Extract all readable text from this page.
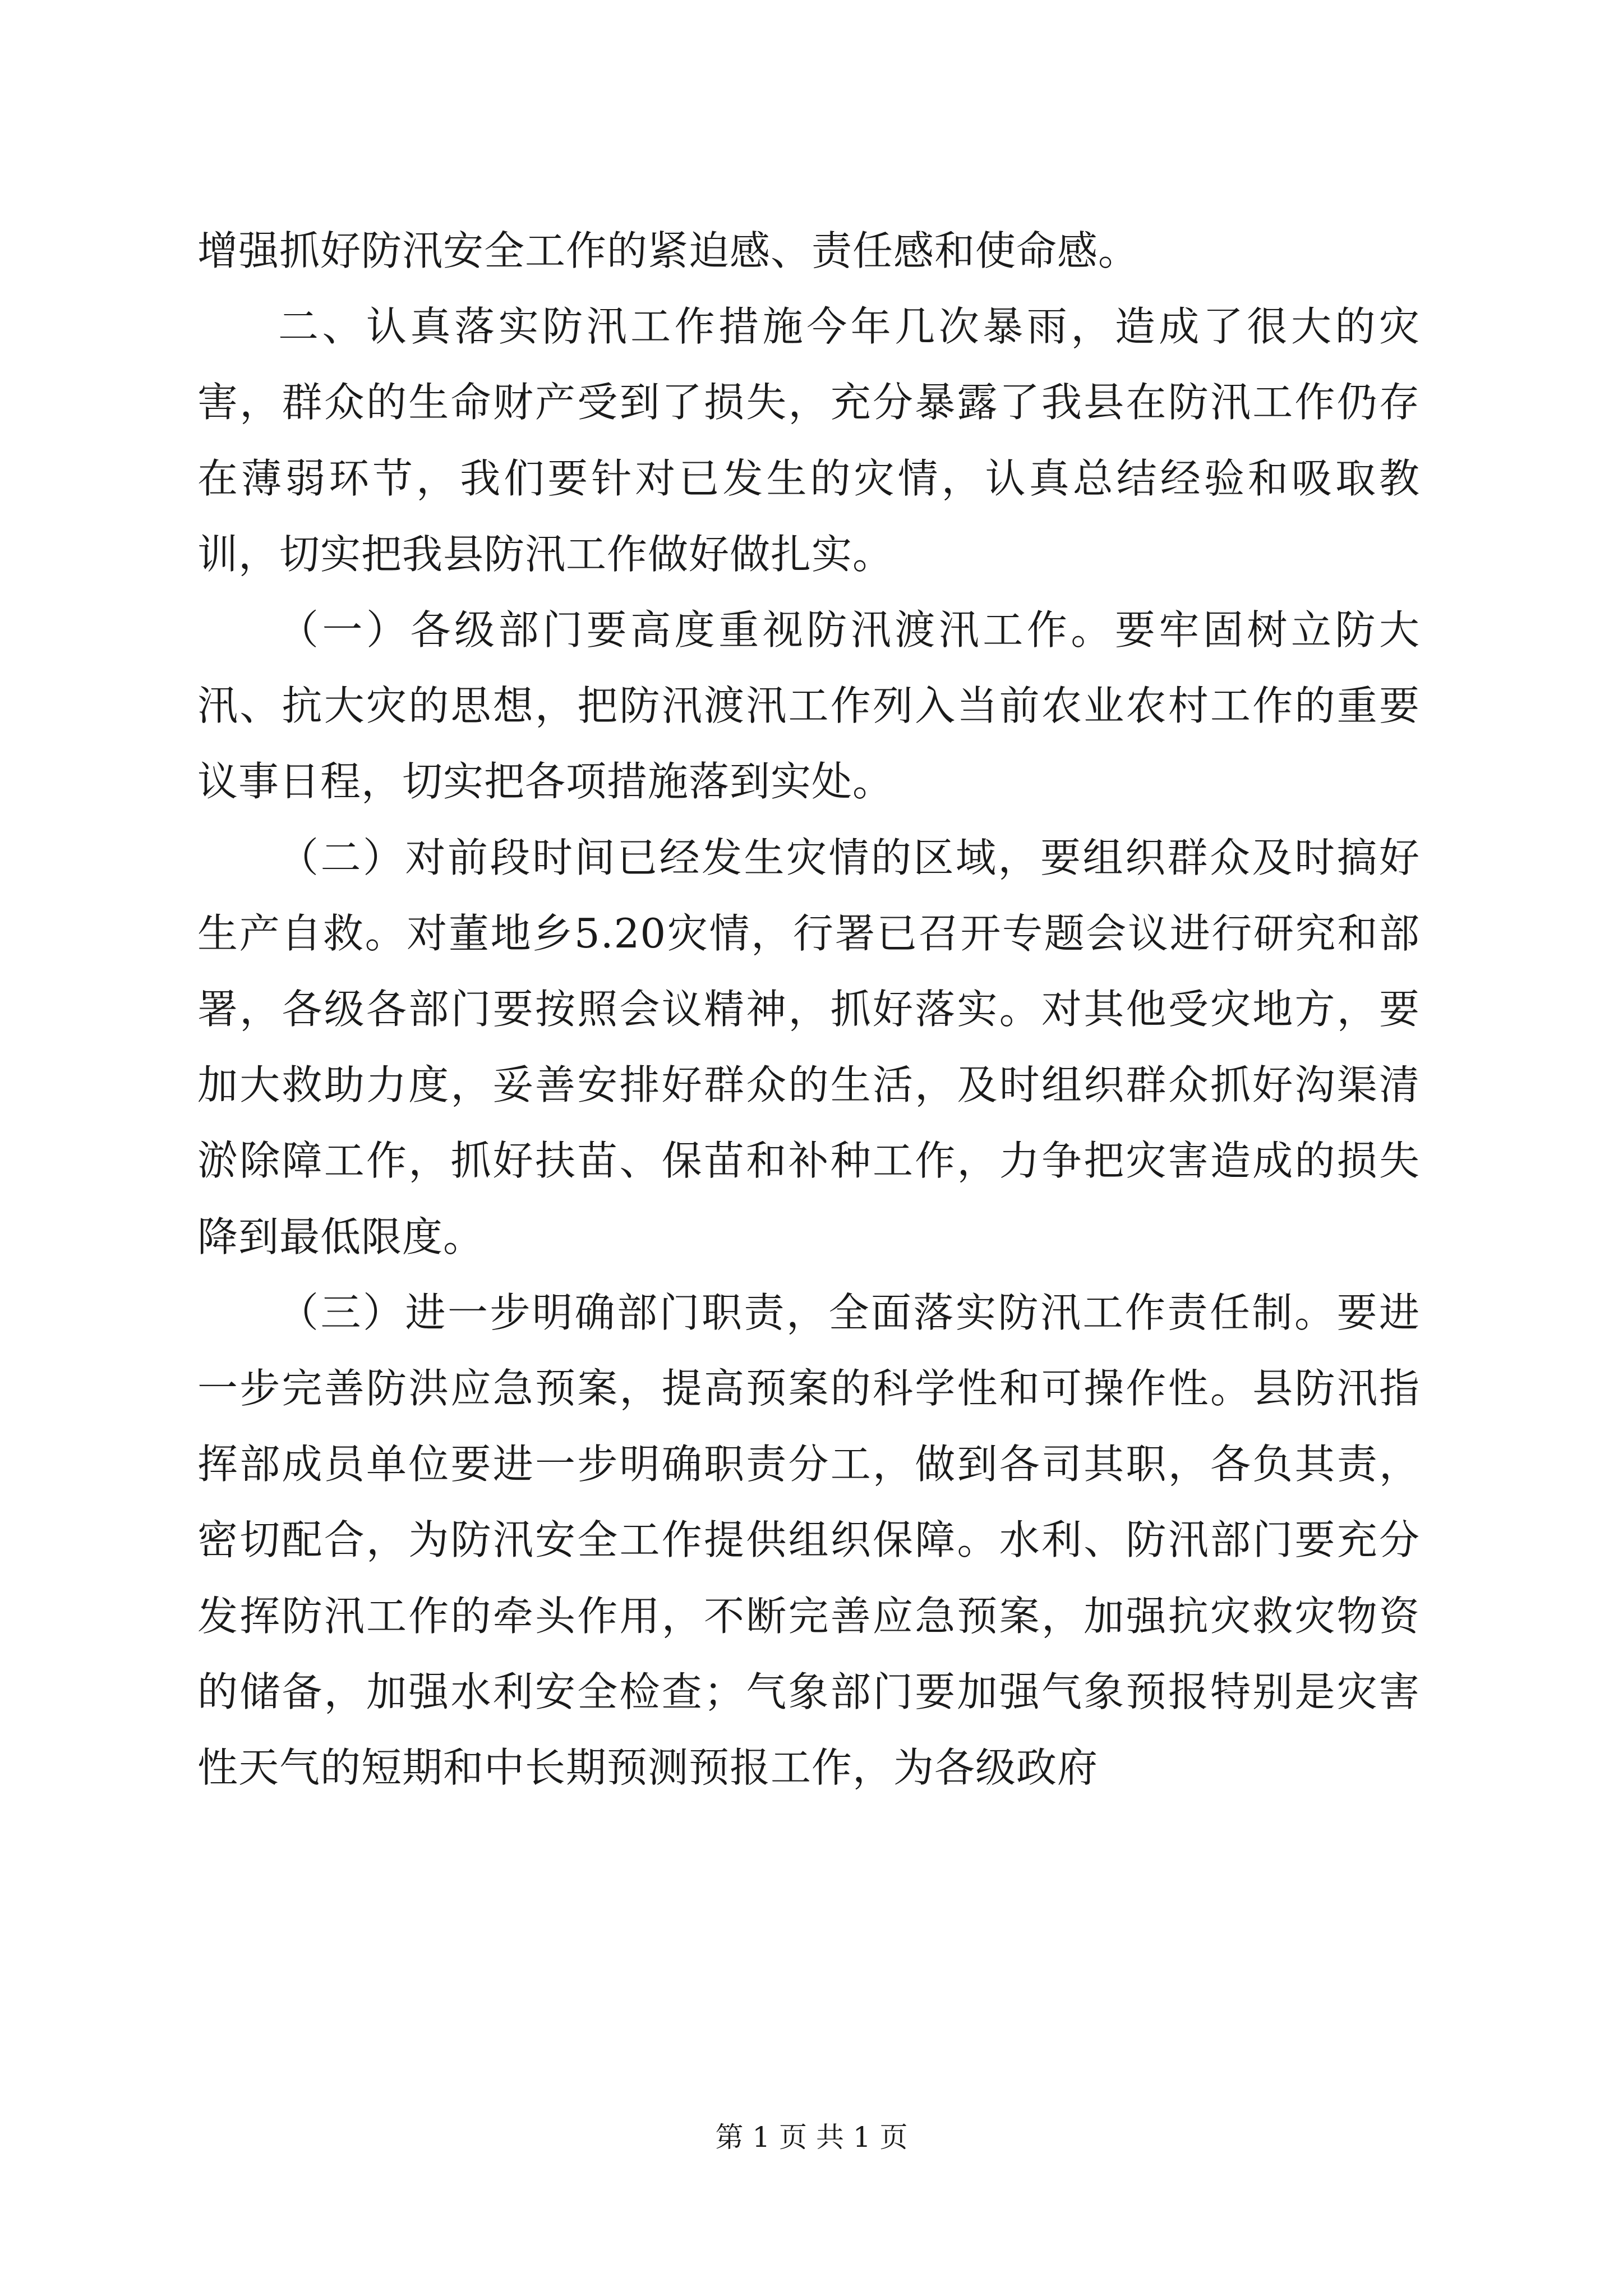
增强抓好防汛安全工作的紧迫感、责任感和使命感。

二、认真落实防汛工作措施今年几次暴雨，造成了很大的灾害，群众的生命财产受到了损失，充分暴露了我县在防汛工作仍存在薄弱环节，我们要针对已发生的灾情，认真总结经验和吸取教训，切实把我县防汛工作做好做扎实。

（一）各级部门要高度重视防汛渡汛工作。要牢固树立防大汛、抗大灾的思想，把防汛渡汛工作列入当前农业农村工作的重要议事日程，切实把各项措施落到实处。

（二）对前段时间已经发生灾情的区域，要组织群众及时搞好生产自救。对董地乡5.20灾情，行署已召开专题会议进行研究和部署，各级各部门要按照会议精神，抓好落实。对其他受灾地方，要加大救助力度，妥善安排好群众的生活，及时组织群众抓好沟渠清淤除障工作，抓好扶苗、保苗和补种工作，力争把灾害造成的损失降到最低限度。

（三）进一步明确部门职责，全面落实防汛工作责任制。要进一步完善防洪应急预案，提高预案的科学性和可操作性。县防汛指挥部成员单位要进一步明确职责分工，做到各司其职，各负其责，密切配合，为防汛安全工作提供组织保障。水利、防汛部门要充分发挥防汛工作的牵头作用，不断完善应急预案，加强抗灾救灾物资的储备，加强水利安全检查；气象部门要加强气象预报特别是灾害性天气的短期和中长期预测预报工作，为各级政府

第 1 页 共 1 页
